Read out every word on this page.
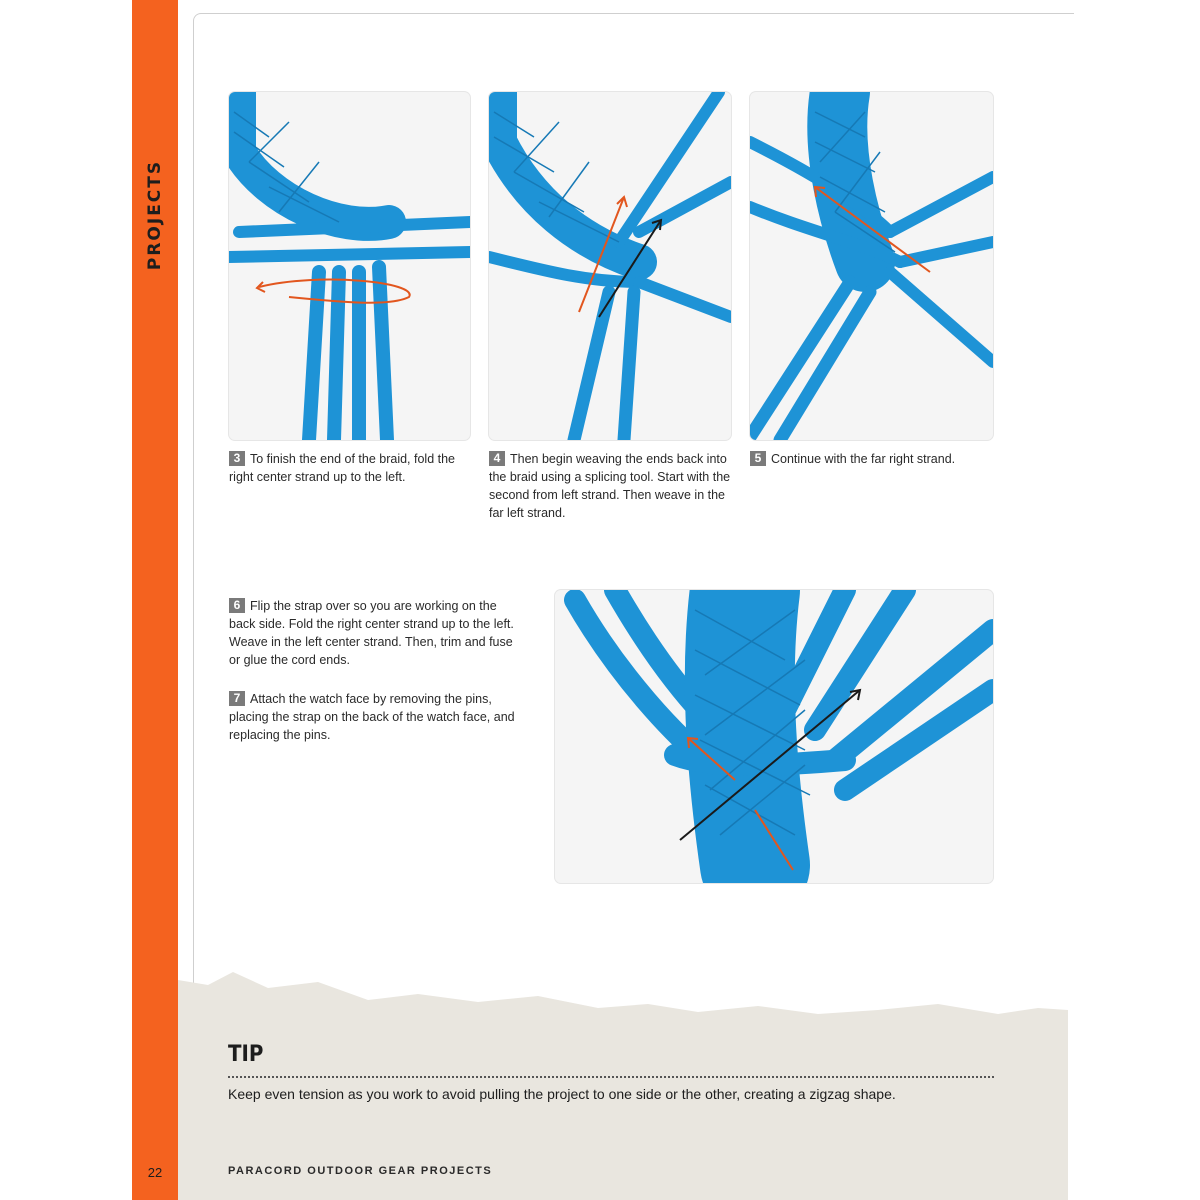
PROJECTS
3 To finish the end of the braid, fold the right center strand up to the left.
4 Then begin weaving the ends back into the braid using a splicing tool. Start with the second from left strand. Then weave in the far left strand.
5 Continue with the far right strand.
6 Flip the strap over so you are working on the back side. Fold the right center strand up to the left. Weave in the left center strand. Then, trim and fuse or glue the cord ends.
7 Attach the watch face by removing the pins, placing the strap on the back of the watch face, and replacing the pins.
TIP
Keep even tension as you work to avoid pulling the project to one side or the other, creating a zigzag shape.
22	PARACORD OUTDOOR GEAR PROJECTS
